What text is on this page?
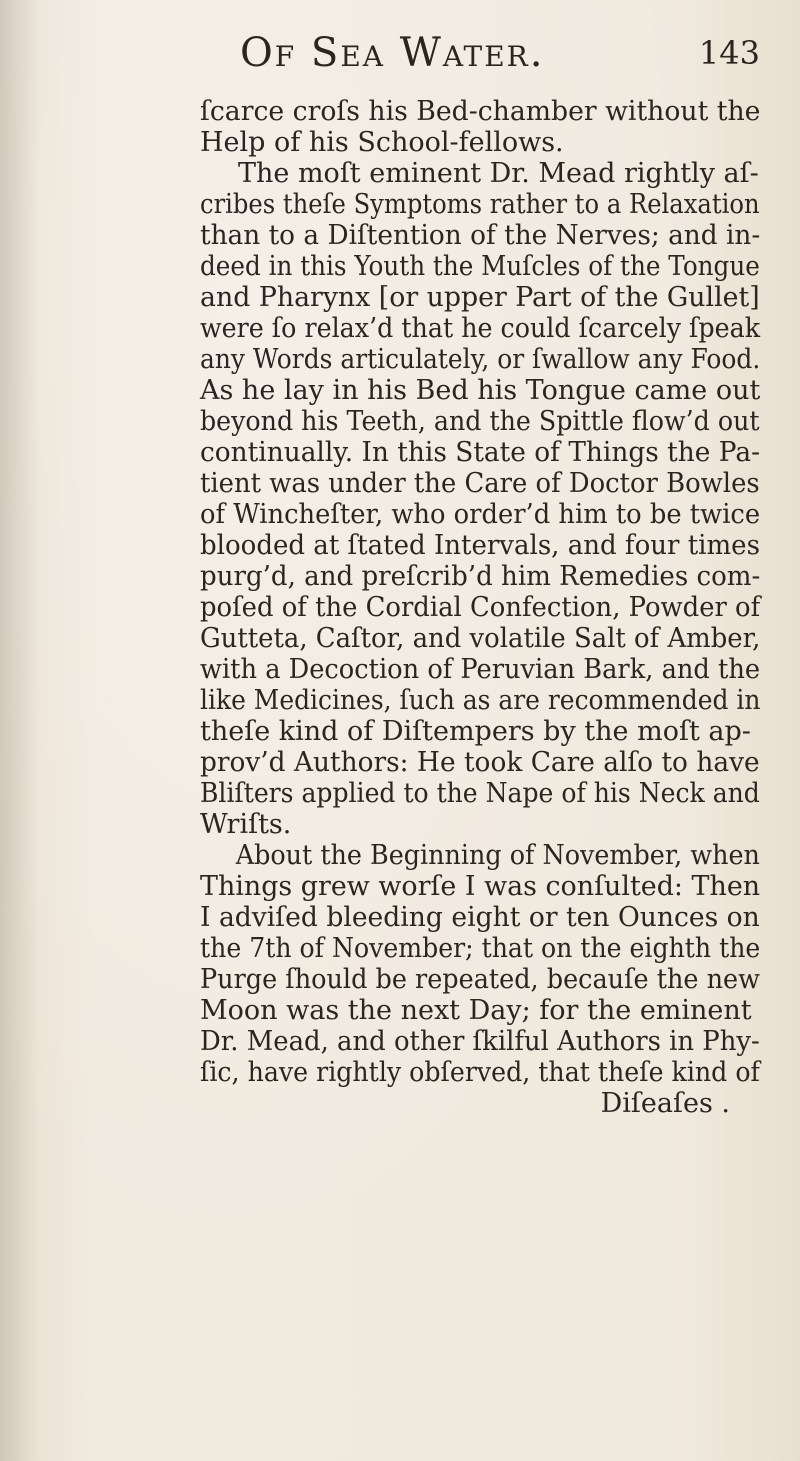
Of Sea Water.	143
ſcarce croſs his Bed-chamber without the
Help of his School-fellows.
The moſt eminent Dr. Mead rightly aſ-
cribes theſe Symptoms rather to a Relaxation
than to a Diſtention of the Nerves; and in-
deed in this Youth the Muſcles of the Tongue
and Pharynx [or upper Part of the Gullet]
were ſo relax’d that he could ſcarcely ſpeak
any Words articulately, or ſwallow any Food.
As he lay in his Bed his Tongue came out
beyond his Teeth, and the Spittle flow’d out
continually. In this State of Things the Pa-
tient was under the Care of Doctor Bowles
of Wincheſter, who order’d him to be twice
blooded at ſtated Intervals, and four times
purg’d, and preſcrib’d him Remedies com-
poſed of the Cordial Confection, Powder of
Gutteta, Caſtor, and volatile Salt of Amber,
with a Decoction of Peruvian Bark, and the
like Medicines, ſuch as are recommended in
theſe kind of Diſtempers by the moſt ap-
prov’d Authors: He took Care alſo to have
Bliſters applied to the Nape of his Neck and
Wriſts.
About the Beginning of November, when
Things grew worſe I was conſulted: Then
I adviſed bleeding eight or ten Ounces on
the 7th of November; that on the eighth the
Purge ſhould be repeated, becauſe the new
Moon was the next Day; for the eminent
Dr. Mead, and other ſkilful Authors in Phy-
ſic, have rightly obſerved, that theſe kind of
Diſeaſes .
